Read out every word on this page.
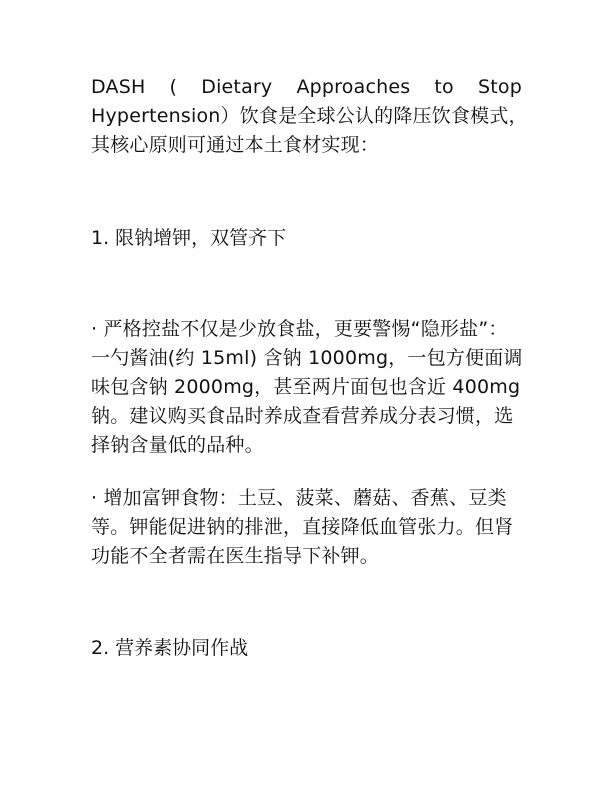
DASH ( Dietary Approaches to Stop
Hypertension）饮食是全球公认的降压饮食模式，
其核心原则可通过本土食材实现：
1. 限钠增钾，双管齐下
· 严格控盐不仅是少放食盐，更要警惕“隐形盐”：
一勺酱油(约 15ml) 含钠 1000mg，一包方便面调
味包含钠 2000mg，甚至两片面包也含近 400mg
钠。建议购买食品时养成查看营养成分表习惯，选
择钠含量低的品种。
· 增加富钾食物：土豆、菠菜、蘑菇、香蕉、豆类
等。钾能促进钠的排泄，直接降低血管张力。但肾
功能不全者需在医生指导下补钾。
2. 营养素协同作战
